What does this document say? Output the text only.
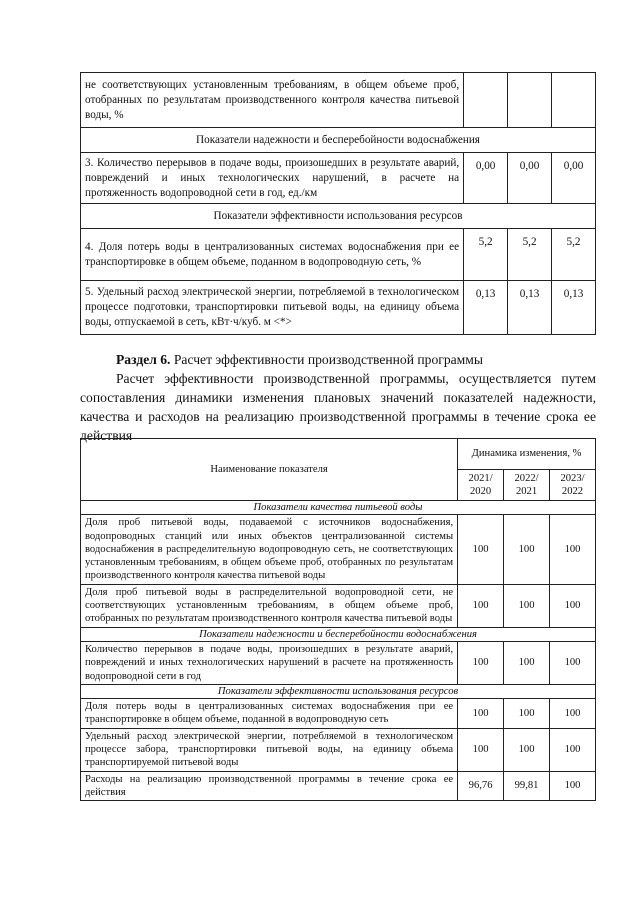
не соответствующих установленным требованиям, в общем объеме проб, отобранных по результатам производственного контроля качества питьевой воды, %			
Показатели надежности и бесперебойности водоснабжения			
3. Количество перерывов в подаче воды, произошедших в результате аварий, повреждений и иных технологических нарушений, в расчете на протяженность водопроводной сети в год, ед./км	0,00	0,00	0,00
Показатели эффективности использования ресурсов			
4. Доля потерь воды в централизованных системах водоснабжения при ее транспортировке в общем объеме, поданном в водопроводную сеть, %	5,2	5,2	5,2
5. Удельный расход электрической энергии, потребляемой в технологическом процессе подготовки, транспортировки питьевой воды, на единицу объема воды, отпускаемой в сеть, кВт·ч/куб. м <*>	0,13	0,13	0,13
Раздел 6. Расчет эффективности производственной программы
Расчет эффективности производственной программы, осуществляется путем сопоставления динамики изменения плановых значений показателей надежности, качества и расходов на реализацию производственной программы в течение срока ее действия
Наименование показателя	Динамика изменения, %		
	2021/ 2020	2022/ 2021	2023/ 2022
Показатели качества питьевой воды			
Доля проб питьевой воды, подаваемой с источников водоснабжения, водопроводных станций или иных объектов централизованной системы водоснабжения в распределительную водопроводную сеть, не соответствующих установленным требованиям, в общем объеме проб, отобранных по результатам производственного контроля качества питьевой воды	100	100	100
Доля проб питьевой воды в распределительной водопроводной сети, не соответствующих установленным требованиям, в общем объеме проб, отобранных по результатам производственного контроля качества питьевой воды	100	100	100
Показатели надежности и бесперебойности водоснабжения			
Количество перерывов в подаче воды, произошедших в результате аварий, повреждений и иных технологических нарушений в расчете на протяженность водопроводной сети в год	100	100	100
Показатели эффективности использования ресурсов			
Доля потерь воды в централизованных системах водоснабжения при ее транспортировке в общем объеме, поданной в водопроводную сеть	100	100	100
Удельный расход электрической энергии, потребляемой в технологическом процессе забора, транспортировки питьевой воды, на единицу объема транспортируемой питьевой воды	100	100	100
Расходы на реализацию производственной программы в течение срока ее действия	96,76	99,81	100
